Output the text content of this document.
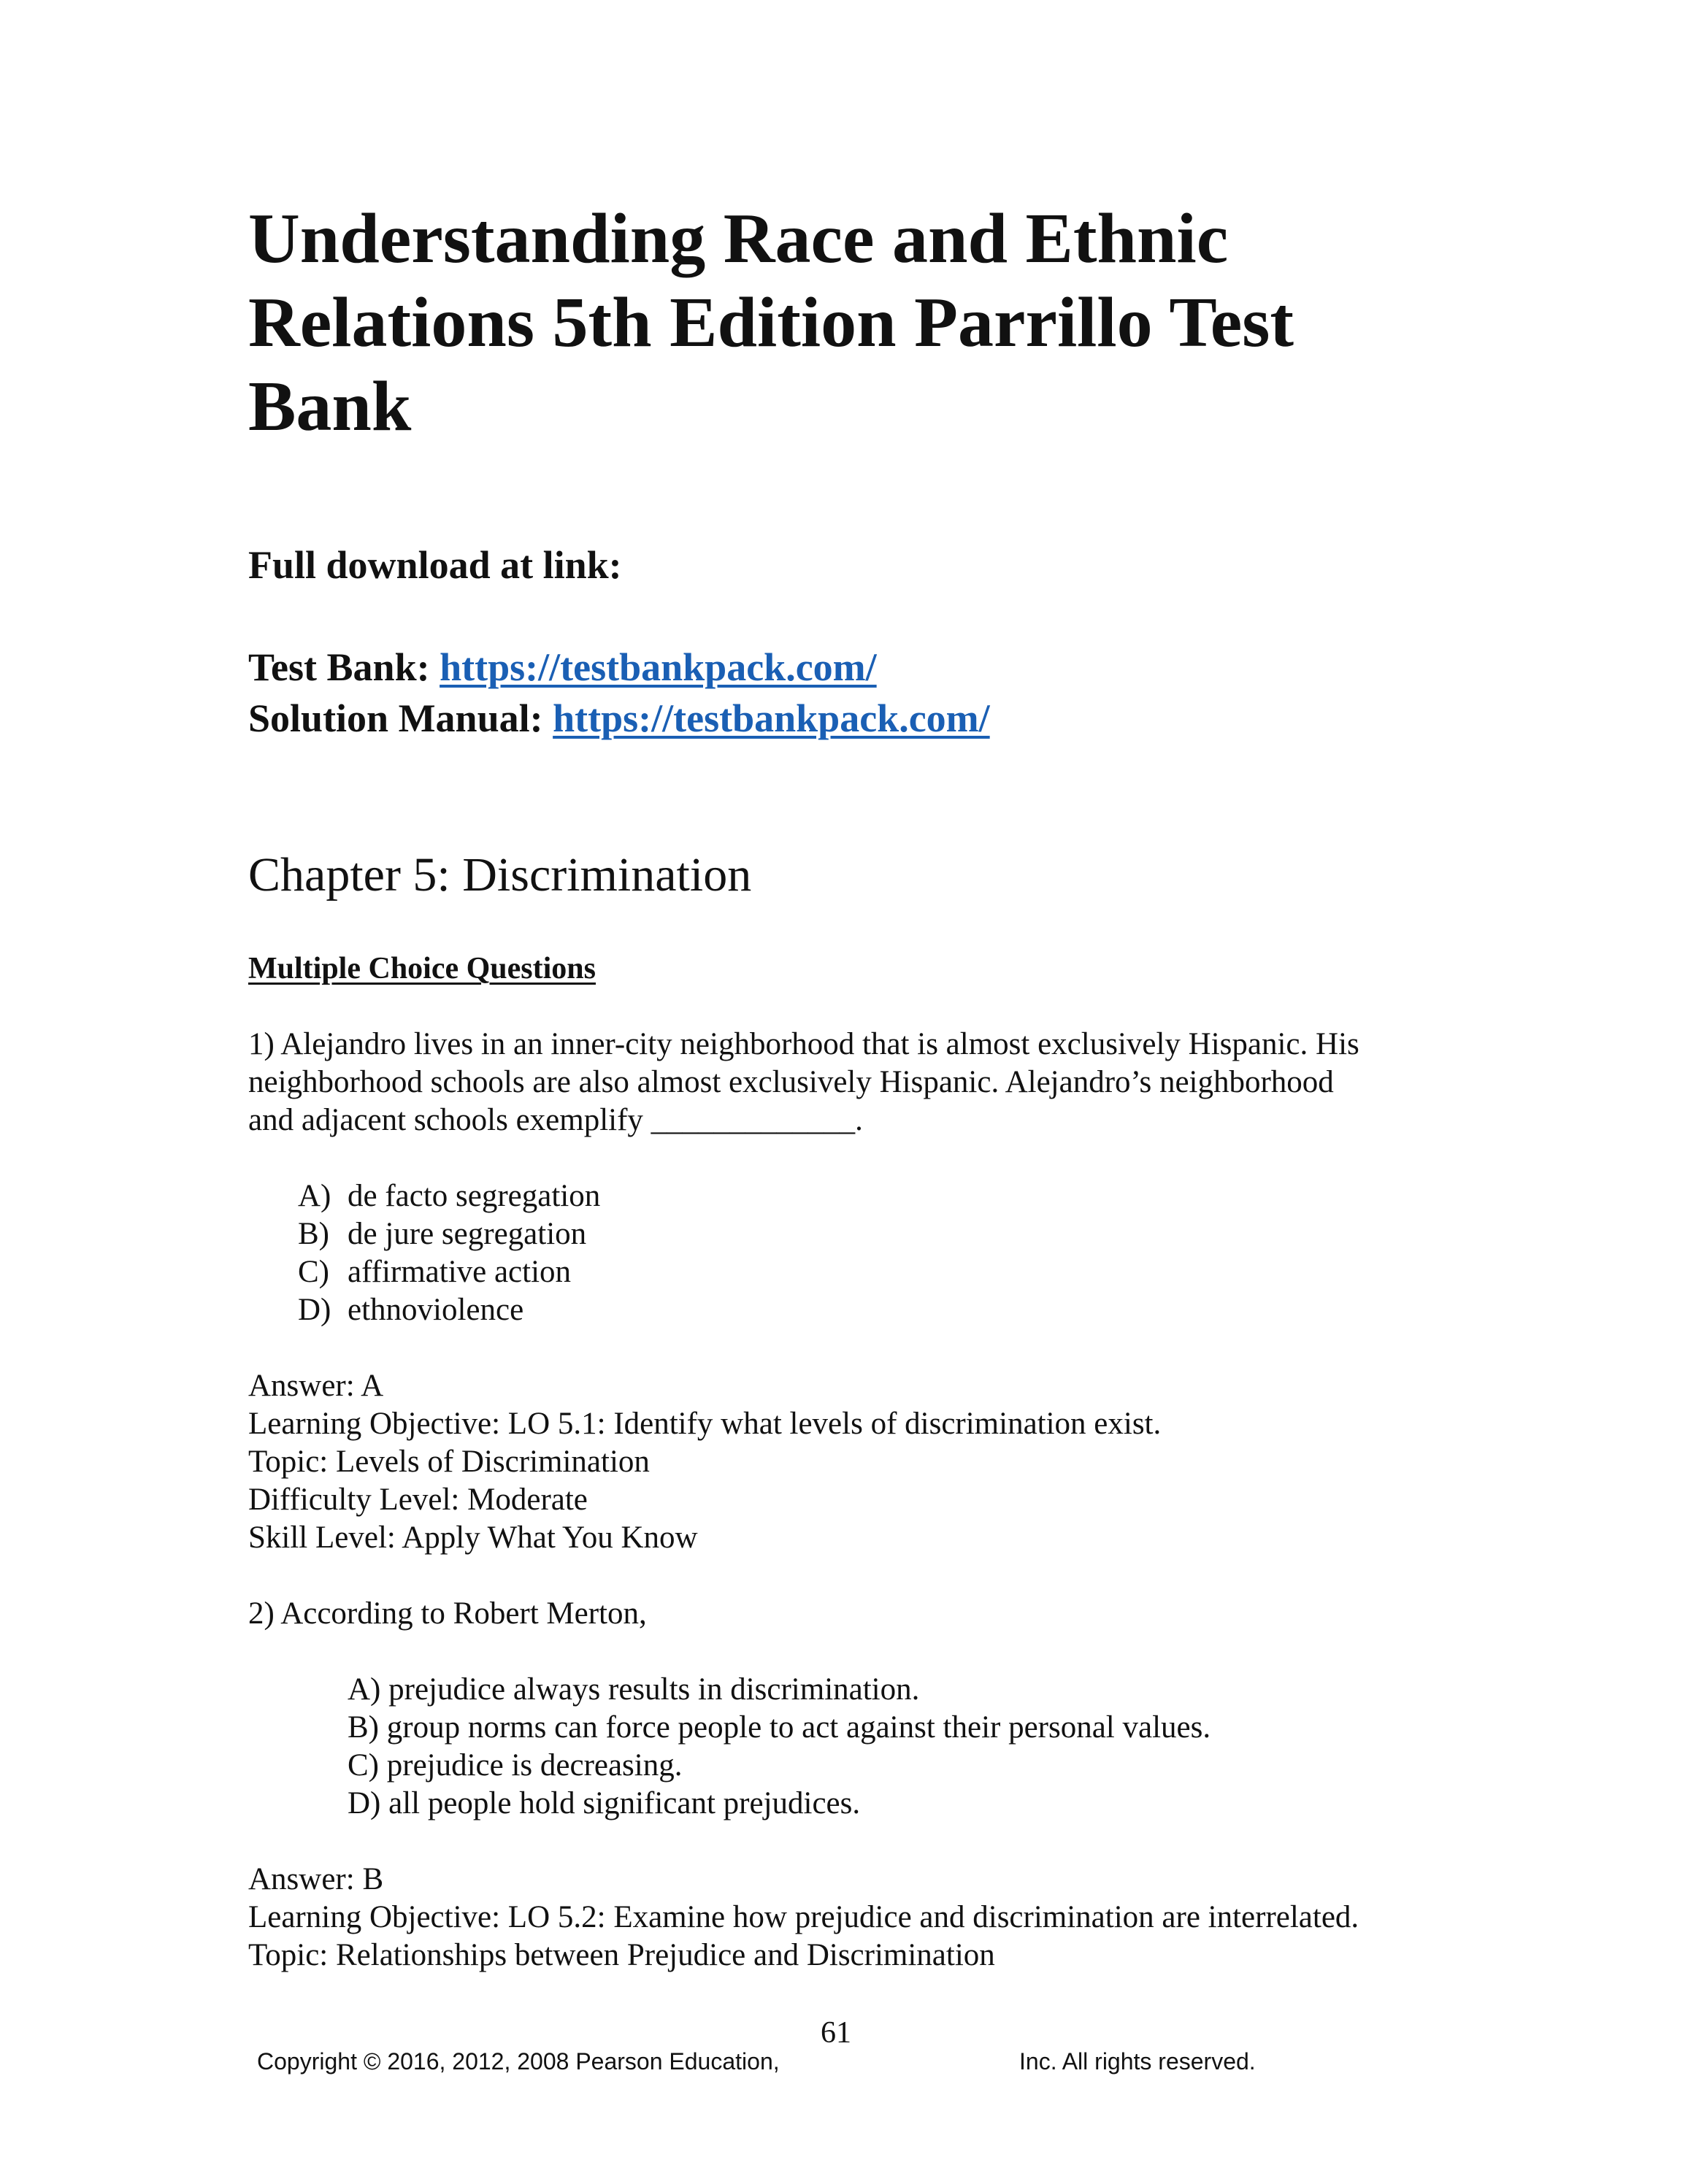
Understanding Race and Ethnic
Relations 5th Edition Parrillo Test
Bank
Full download at link:
Test Bank: https://testbankpack.com/
Solution Manual: https://testbankpack.com/
Chapter 5: Discrimination
Multiple Choice Questions
1) Alejandro lives in an inner-city neighborhood that is almost exclusively Hispanic. His
neighborhood schools are also almost exclusively Hispanic. Alejandro’s neighborhood
and adjacent schools exemplify _____________.
A) de facto segregation
B) de jure segregation
C) affirmative action
D) ethnoviolence
Answer: A
Learning Objective: LO 5.1: Identify what levels of discrimination exist.
Topic: Levels of Discrimination
Difficulty Level: Moderate
Skill Level: Apply What You Know
2) According to Robert Merton,
A) prejudice always results in discrimination.
B) group norms can force people to act against their personal values.
C) prejudice is decreasing.
D) all people hold significant prejudices.
Answer: B
Learning Objective: LO 5.2: Examine how prejudice and discrimination are interrelated.
Topic: Relationships between Prejudice and Discrimination
61
Copyright © 2016, 2012, 2008 Pearson Education,	Inc. All rights reserved.
